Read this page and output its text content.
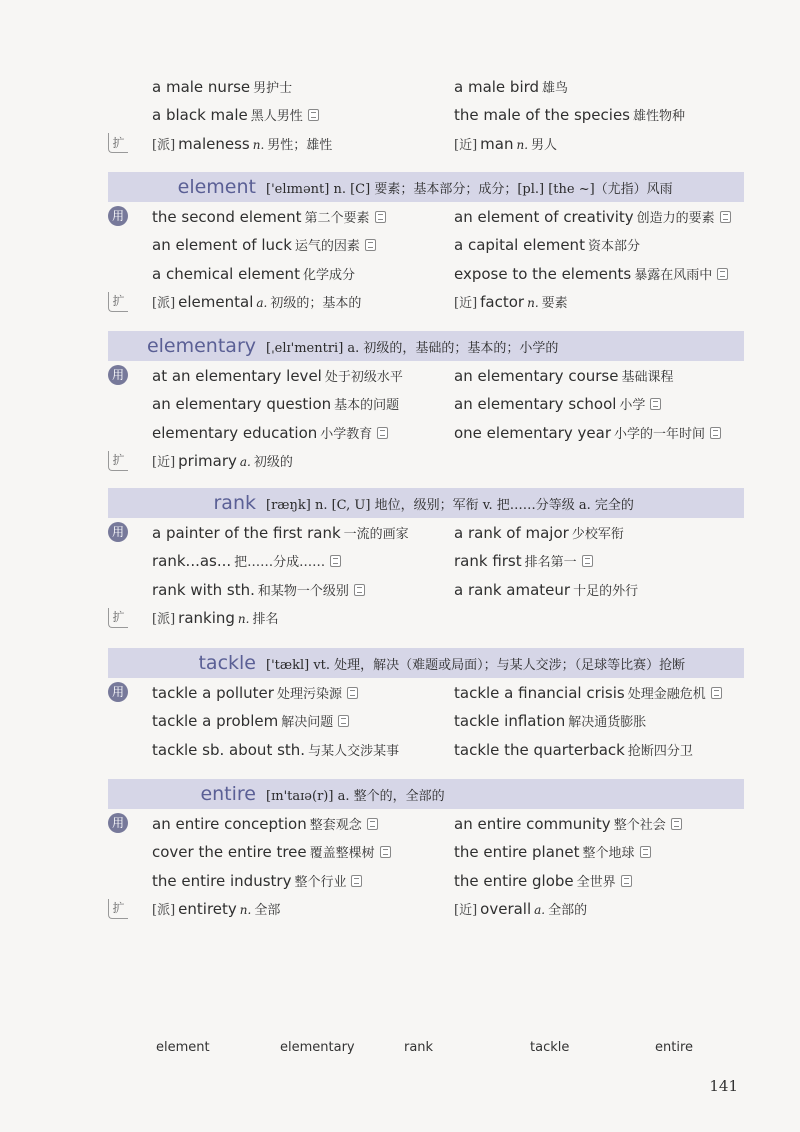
a male nurse 男护士	a male bird 雄鸟
a black male 黑人男性	the male of the species 雄性物种
扩 [派] maleness n. 男性；雄性	[近] man n. 男人
element ['elɪmənt] n. [C] 要素；基本部分；成分；[pl.] [the ~]（尤指）风雨
用 the second element 第二个要素	an element of creativity 创造力的要素
an element of luck 运气的因素	a capital element 资本部分
a chemical element 化学成分	expose to the elements 暴露在风雨中
扩 [派] elemental a. 初级的；基本的	[近] factor n. 要素
elementary [ˌelɪ'mentri] a. 初级的，基础的；基本的；小学的
用 at an elementary level 处于初级水平	an elementary course 基础课程
an elementary question 基本的问题	an elementary school 小学
elementary education 小学教育	one elementary year 小学的一年时间
扩 [近] primary a. 初级的
rank [ræŋk] n. [C, U] 地位，级别；军衔 v. 把……分等级 a. 完全的
用 a painter of the first rank 一流的画家	a rank of major 少校军衔
rank...as... 把……分成……	rank first 排名第一
rank with sth. 和某物一个级别	a rank amateur 十足的外行
扩 [派] ranking n. 排名
tackle ['tækl] vt. 处理，解决（难题或局面）；与某人交涉；（足球等比赛）抢断
用 tackle a polluter 处理污染源	tackle a financial crisis 处理金融危机
tackle a problem 解决问题	tackle inflation 解决通货膨胀
tackle sb. about sth. 与某人交涉某事	tackle the quarterback 抢断四分卫
entire [ɪn'taɪə(r)] a. 整个的，全部的
用 an entire conception 整套观念	an entire community 整个社会
cover the entire tree 覆盖整棵树	the entire planet 整个地球
the entire industry 整个行业	the entire globe 全世界
扩 [派] entirety n. 全部	[近] overall a. 全部的
element	elementary	rank	tackle	entire
141
